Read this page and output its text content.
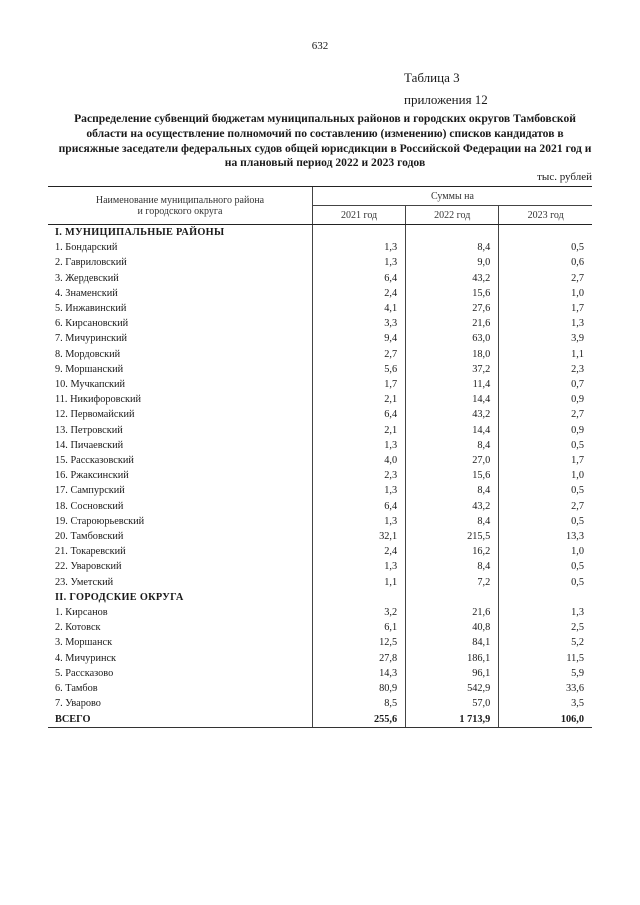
632
Таблица 3
приложения 12
Распределение субвенций бюджетам муниципальных районов и городских округов Тамбовской области на осуществление полномочий по составлению (изменению) списков кандидатов в присяжные заседатели федеральных судов общей юрисдикции в Российской Федерации на 2021 год и на плановый период 2022 и 2023 годов
тыс. рублей
Наименование муниципального района
и городского округа	Суммы на		
	2021 год	2022 год	2023 год
I. МУНИЦИПАЛЬНЫЕ РАЙОНЫ			
1. Бондарский	1,3	8,4	0,5
2. Гавриловский	1,3	9,0	0,6
3. Жердевский	6,4	43,2	2,7
4. Знаменский	2,4	15,6	1,0
5. Инжавинский	4,1	27,6	1,7
6. Кирсановский	3,3	21,6	1,3
7. Мичуринский	9,4	63,0	3,9
8. Мордовский	2,7	18,0	1,1
9. Моршанский	5,6	37,2	2,3
10. Мучкапский	1,7	11,4	0,7
11. Никифоровский	2,1	14,4	0,9
12. Первомайский	6,4	43,2	2,7
13. Петровский	2,1	14,4	0,9
14. Пичаевский	1,3	8,4	0,5
15. Рассказовский	4,0	27,0	1,7
16. Ржаксинский	2,3	15,6	1,0
17. Сампурский	1,3	8,4	0,5
18. Сосновский	6,4	43,2	2,7
19. Староюрьевский	1,3	8,4	0,5
20. Тамбовский	32,1	215,5	13,3
21. Токаревский	2,4	16,2	1,0
22. Уваровский	1,3	8,4	0,5
23. Уметский	1,1	7,2	0,5
II. ГОРОДСКИЕ ОКРУГА			
1. Кирсанов	3,2	21,6	1,3
2. Котовск	6,1	40,8	2,5
3. Моршанск	12,5	84,1	5,2
4. Мичуринск	27,8	186,1	11,5
5. Рассказово	14,3	96,1	5,9
6. Тамбов	80,9	542,9	33,6
7. Уварово	8,5	57,0	3,5
ВСЕГО	255,6	1 713,9	106,0
